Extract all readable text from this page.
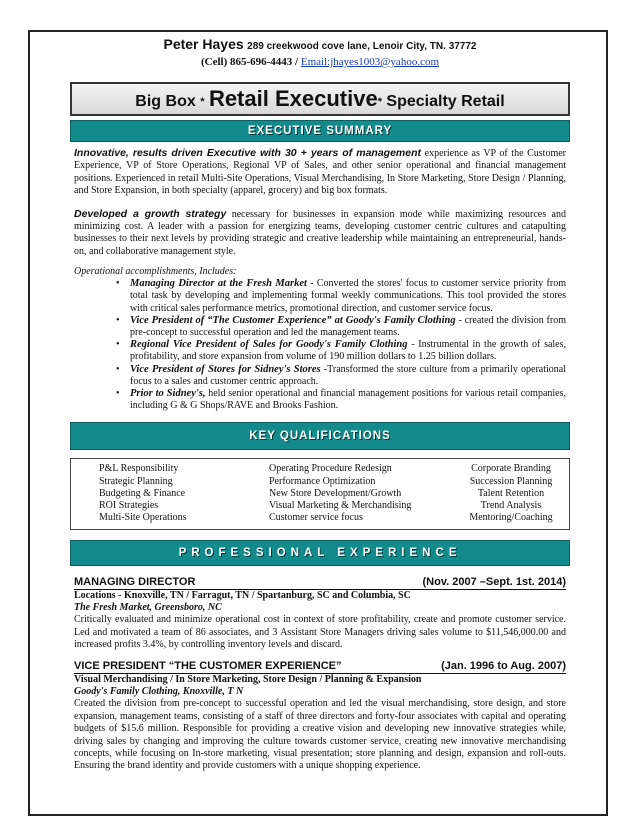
Peter Hayes 289 creekwood cove lane, Lenoir City, TN. 37772
(Cell) 865-696-4443 / Email:jhayes1003@yahoo.com
Big Box * Retail Executive* Specialty Retail
EXECUTIVE SUMMARY

Innovative, results driven Executive with 30 + years of management experience as VP of the Customer Experience, VP of Store Operations, Regional VP of Sales, and other senior operational and financial management positions. Experienced in retail Multi-Site Operations, Visual Merchandising, In Store Marketing, Store Design / Planning, and Store Expansion, in both specialty (apparel, grocery) and big box formats.

Developed a growth strategy necessary for businesses in expansion mode while maximizing resources and minimizing cost. A leader with a passion for energizing teams, developing customer centric cultures and catapulting businesses to their next levels by providing strategic and creative leadership while maintaining an entrepreneurial, hands-on, and collaborative management style.

Operational accomplishments, Includes:

• Managing Director at the Fresh Market - Converted the stores' focus to customer service priority from total task by developing and implementing formal weekly communications. This tool provided the stores with critical sales performance metrics, promotional direction, and customer service focus.
• Vice President of “The Customer Experience” at Goody's Family Clothing - created the division from pre-concept to successful operation and led the management teams.
• Regional Vice President of Sales for Goody's Family Clothing - Instrumental in the growth of sales, profitability, and store expansion from volume of 190 million dollars to 1.25 billion dollars.
• Vice President of Stores for Sidney's Stores -Transformed the store culture from a primarily operational focus to a sales and customer centric approach.
• Prior to Sidney's, held senior operational and financial management positions for various retail companies, including G & G Shops/RAVE and Brooks Fashion.
KEY QUALIFICATIONS
P&L Responsibility
Strategic Planning
Budgeting & Finance
ROI Strategies
Multi-Site Operations
Operating Procedure Redesign
Performance Optimization
New Store Development/Growth
Visual Marketing & Merchandising
Customer service focus
Corporate Branding
Succession Planning
Talent Retention
Trend Analysis
Mentoring/Coaching
PROFESSIONAL EXPERIENCE
MANAGING DIRECTOR	(Nov. 2007 –Sept. 1st. 2014)
Locations - Knoxville, TN / Farragut, TN / Spartanburg, SC and Columbia, SC
The Fresh Market, Greensboro, NC

Critically evaluated and minimize operational cost in context of store profitability, create and promote customer service. Led and motivated a team of 86 associates, and 3 Assistant Store Managers driving sales volume to $11,546,000.00 and increased profits 3.4%, by controlling inventory levels and discard.

VICE PRESIDENT “THE CUSTOMER EXPERIENCE”	(Jan. 1996 to Aug. 2007)
Visual Merchandising / In Store Marketing, Store Design / Planning & Expansion
Goody's Family Clothing, Knoxville, T N

Created the division from pre-concept to successful operation and led the visual merchandising, store design, and store expansion, management teams, consisting of a staff of three directors and forty-four associates with capital and operating budgets of $15.6 million. Responsible for providing a creative vision and developing new innovative strategies while, driving sales by changing and improving the culture towards customer service, creating new innovative merchandising concepts, while focusing on In-store marketing, visual presentation; store planning and design, expansion and roll-outs. Ensuring the brand identity and provide customers with a unique shopping experience.
